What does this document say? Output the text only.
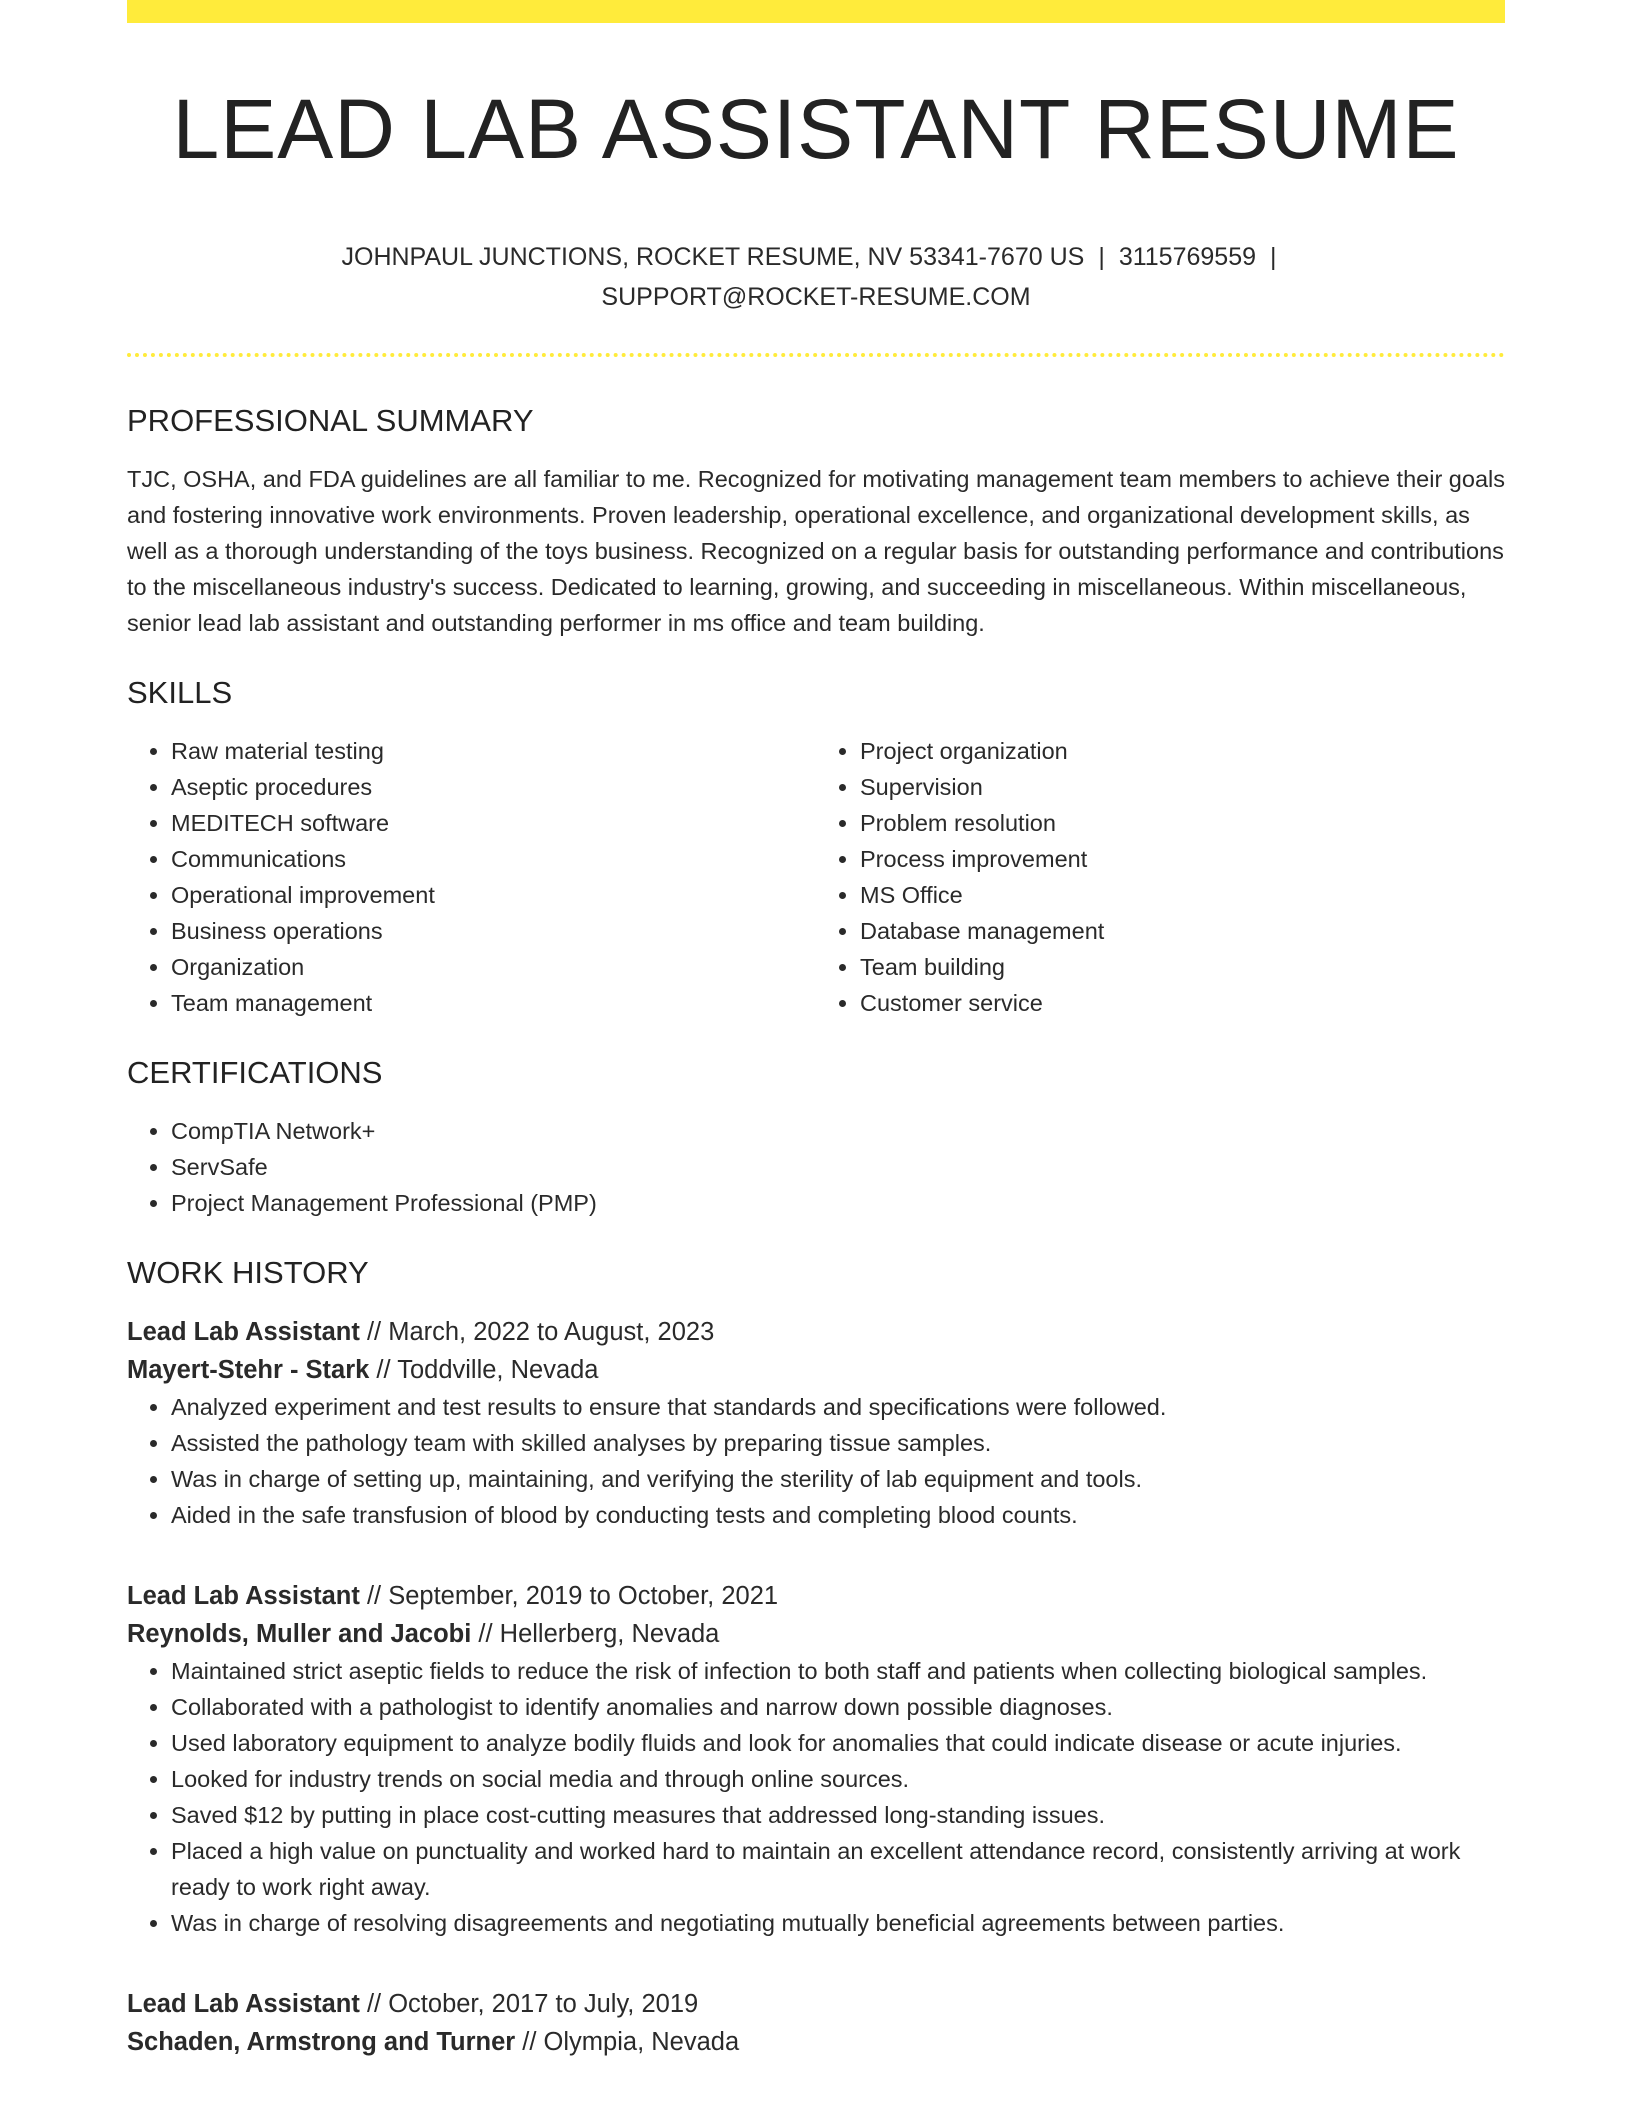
LEAD LAB ASSISTANT RESUME
JOHNPAUL JUNCTIONS, ROCKET RESUME, NV 53341-7670 US | 3115769559 |
SUPPORT@ROCKET-RESUME.COM
PROFESSIONAL SUMMARY

TJC, OSHA, and FDA guidelines are all familiar to me. Recognized for motivating management team members to achieve their goals and fostering innovative work environments. Proven leadership, operational excellence, and organizational development skills, as well as a thorough understanding of the toys business. Recognized on a regular basis for outstanding performance and contributions to the miscellaneous industry's success. Dedicated to learning, growing, and succeeding in miscellaneous. Within miscellaneous, senior lead lab assistant and outstanding performer in ms office and team building.

SKILLS
• Raw material testing
• Aseptic procedures
• MEDITECH software
• Communications
• Operational improvement
• Business operations
• Organization
• Team management
• Project organization
• Supervision
• Problem resolution
• Process improvement
• MS Office
• Database management
• Team building
• Customer service
CERTIFICATIONS
• CompTIA Network+
• ServSafe
• Project Management Professional (PMP)
WORK HISTORY
Lead Lab Assistant // March, 2022 to August, 2023
Mayert-Stehr - Stark // Toddville, Nevada
• Analyzed experiment and test results to ensure that standards and specifications were followed.
• Assisted the pathology team with skilled analyses by preparing tissue samples.
• Was in charge of setting up, maintaining, and verifying the sterility of lab equipment and tools.
• Aided in the safe transfusion of blood by conducting tests and completing blood counts.
Lead Lab Assistant // September, 2019 to October, 2021
Reynolds, Muller and Jacobi // Hellerberg, Nevada
• Maintained strict aseptic fields to reduce the risk of infection to both staff and patients when collecting biological samples.
• Collaborated with a pathologist to identify anomalies and narrow down possible diagnoses.
• Used laboratory equipment to analyze bodily fluids and look for anomalies that could indicate disease or acute injuries.
• Looked for industry trends on social media and through online sources.
• Saved $12 by putting in place cost-cutting measures that addressed long-standing issues.
• Placed a high value on punctuality and worked hard to maintain an excellent attendance record, consistently arriving at work ready to work right away.
• Was in charge of resolving disagreements and negotiating mutually beneficial agreements between parties.
Lead Lab Assistant // October, 2017 to July, 2019
Schaden, Armstrong and Turner // Olympia, Nevada
